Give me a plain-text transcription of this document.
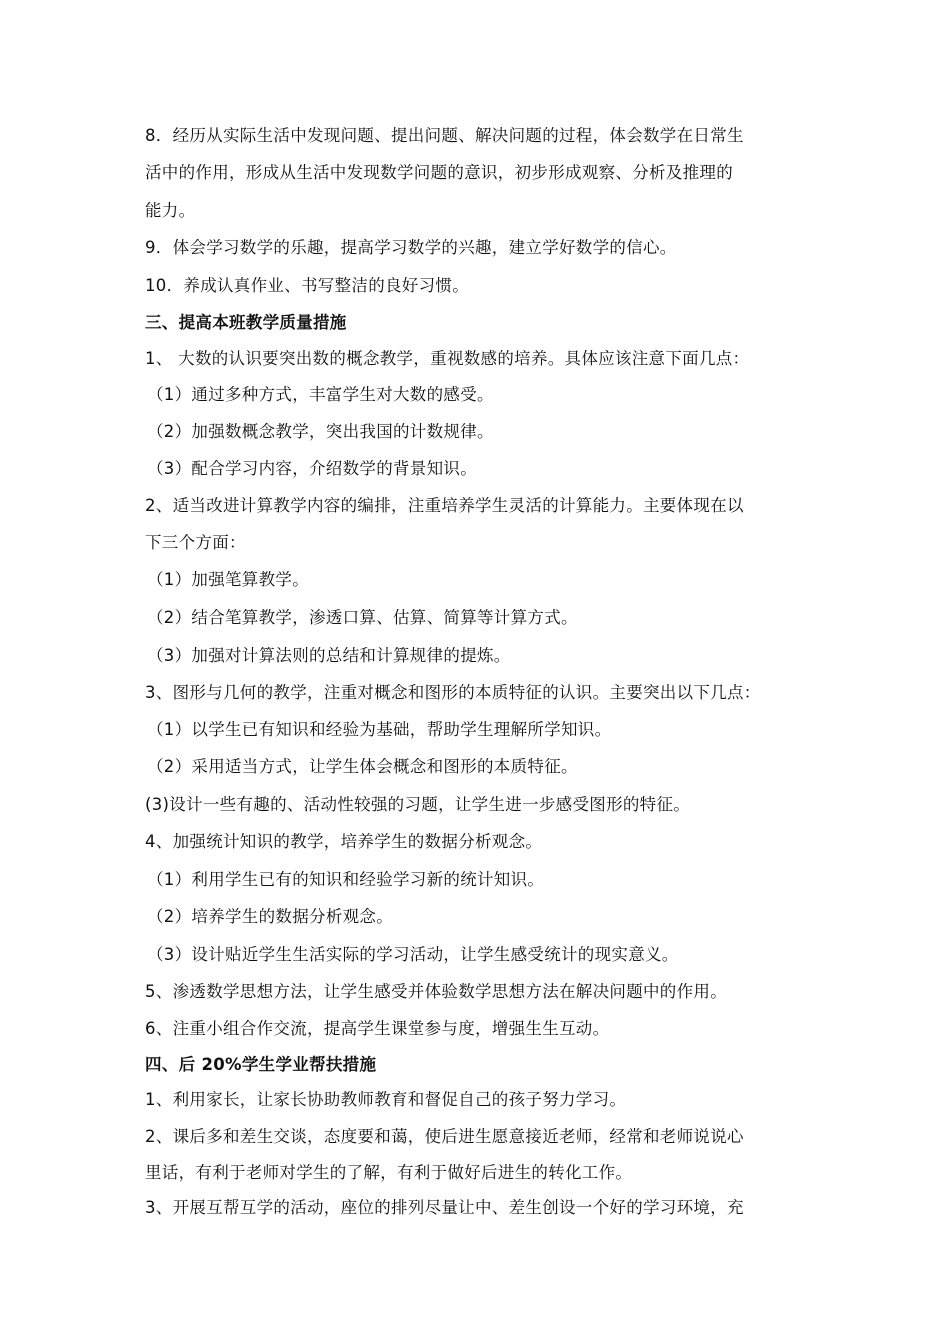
8．经历从实际生活中发现问题、提出问题、解决问题的过程，体会数学在日常生
活中的作用，形成从生活中发现数学问题的意识，初步形成观察、分析及推理的
能力。
9．体会学习数学的乐趣，提高学习数学的兴趣，建立学好数学的信心。
10．养成认真作业、书写整洁的良好习惯。
三、提高本班教学质量措施
1、 大数的认识要突出数的概念教学，重视数感的培养。具体应该注意下面几点：
（1）通过多种方式，丰富学生对大数的感受。
（2）加强数概念教学，突出我国的计数规律。
（3）配合学习内容，介绍数学的背景知识。
2、适当改进计算教学内容的编排，注重培养学生灵活的计算能力。主要体现在以
下三个方面：
（1）加强笔算教学。
（2）结合笔算教学，渗透口算、估算、简算等计算方式。
（3）加强对计算法则的总结和计算规律的提炼。
3、图形与几何的教学，注重对概念和图形的本质特征的认识。主要突出以下几点：
（1）以学生已有知识和经验为基础，帮助学生理解所学知识。
（2）采用适当方式，让学生体会概念和图形的本质特征。
(3)设计一些有趣的、活动性较强的习题，让学生进一步感受图形的特征。
4、加强统计知识的教学，培养学生的数据分析观念。
（1）利用学生已有的知识和经验学习新的统计知识。
（2）培养学生的数据分析观念。
（3）设计贴近学生生活实际的学习活动，让学生感受统计的现实意义。
5、渗透数学思想方法，让学生感受并体验数学思想方法在解决问题中的作用。
6、注重小组合作交流，提高学生课堂参与度，增强生生互动。
四、后 20%学生学业帮扶措施
1、利用家长，让家长协助教师教育和督促自己的孩子努力学习。
2、课后多和差生交谈，态度要和蔼，使后进生愿意接近老师，经常和老师说说心
里话，有利于老师对学生的了解，有利于做好后进生的转化工作。
3、开展互帮互学的活动，座位的排列尽量让中、差生创设一个好的学习环境，充
